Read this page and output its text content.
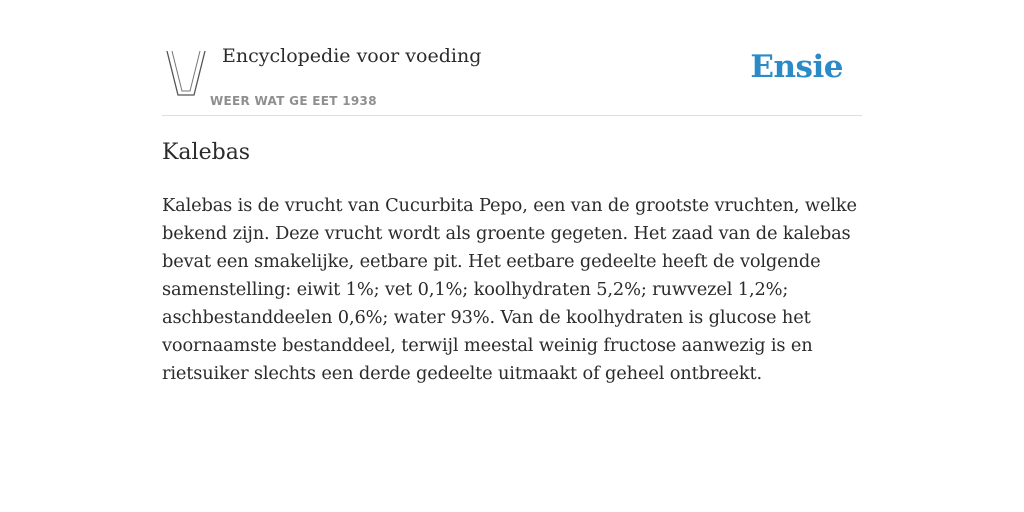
Encyclopedie voor voeding
WEER WAT GE EET 1938
Ensie
Kalebas

Kalebas is de vrucht van Cucurbita Pepo, een van de grootste vruchten, welke bekend zijn. Deze vrucht wordt als groente gegeten. Het zaad van de kalebas bevat een smakelijke, eetbare pit. Het eetbare gedeelte heeft de volgende samenstelling: eiwit 1%; vet 0,1%; koolhydraten 5,2%; ruwvezel 1,2%; aschbestanddeelen 0,6%; water 93%. Van de koolhydraten is glucose het voornaamste bestanddeel, terwijl meestal weinig fructose aanwezig is en rietsuiker slechts een derde gedeelte uitmaakt of geheel ontbreekt.
